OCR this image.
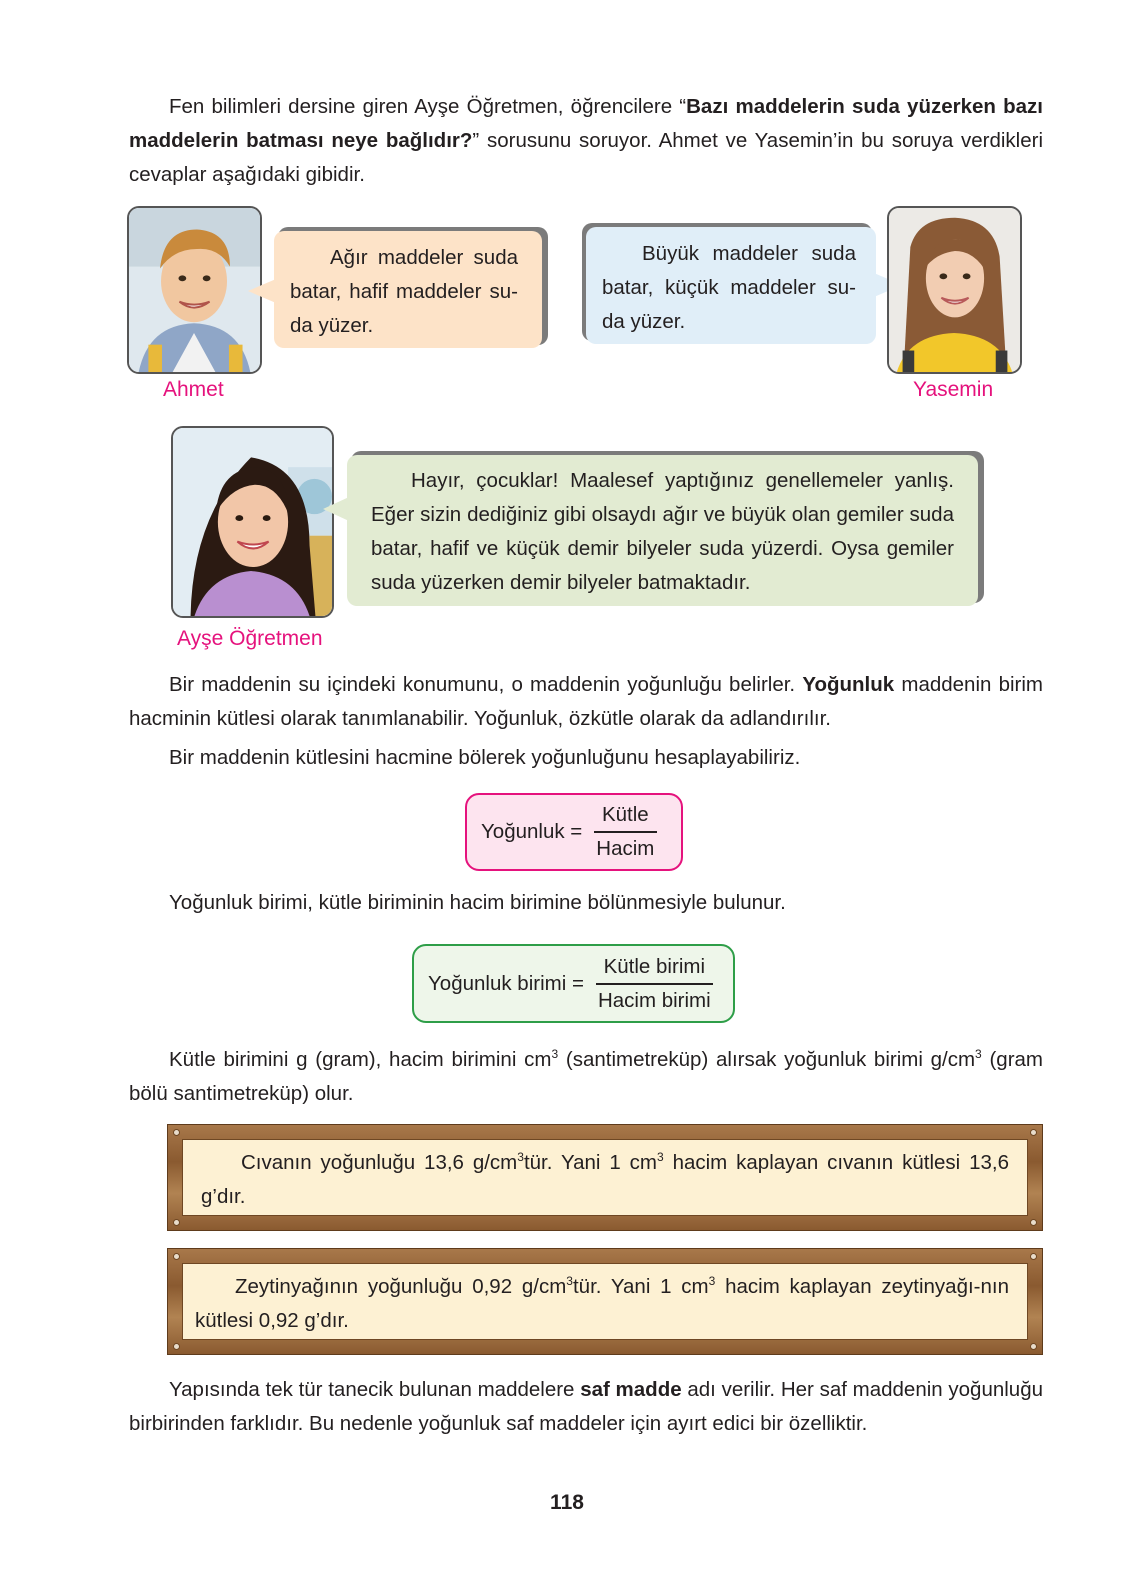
Fen bilimleri dersine giren Ayşe Öğretmen, öğrencilere “Bazı maddelerin suda yüzerken bazı maddelerin batması neye bağlıdır?” sorusunu soruyor. Ahmet ve Yasemin’in bu soruya verdikleri cevaplar aşağıdaki gibidir.

Ahmet
Ağır maddeler suda batar, hafif maddeler su-da yüzer.
Büyük maddeler suda batar, küçük maddeler su-da yüzer.
Yasemin
Ayşe Öğretmen
Hayır, çocuklar! Maalesef yaptığınız genellemeler yanlış. Eğer sizin dediğiniz gibi olsaydı ağır ve büyük olan gemiler suda batar, hafif ve küçük demir bilyeler suda yüzerdi. Oysa gemiler suda yüzerken demir bilyeler batmaktadır.

Bir maddenin su içindeki konumunu, o maddenin yoğunluğu belirler. Yoğunluk maddenin birim hacminin kütlesi olarak tanımlanabilir. Yoğunluk, özkütle olarak da adlandırılır.

Bir maddenin kütlesini hacmine bölerek yoğunluğunu hesaplayabiliriz.

Yoğunluk = $\frac{\text{Kütle}}{\text{Hacim}}$

Yoğunluk birimi, kütle biriminin hacim birimine bölünmesiyle bulunur.

Yoğunluk birimi = $\frac{\text{Kütle birimi}}{\text{Hacim birimi}}$

Kütle birimini g (gram), hacim birimini $cm^3$ (santimetreküp) alırsak yoğunluk birimi $g/cm^3$ (gram bölü santimetreküp) olur.

Cıvanın yoğunluğu 13,6 $g/cm^3tür$. Yani 1 $cm^3$ hacim kaplayan cıvanın kütlesi 13,6 g’dır.
Zeytinyağının yoğunluğu 0,92 $g/cm^3tür$. Yani 1 $cm^3$ hacim kaplayan zeytinyağı-nın kütlesi 0,92 g’dır.

Yapısında tek tür tanecik bulunan maddelere saf madde adı verilir. Her saf maddenin yoğunluğu birbirinden farklıdır. Bu nedenle yoğunluk saf maddeler için ayırt edici bir özelliktir.

118
